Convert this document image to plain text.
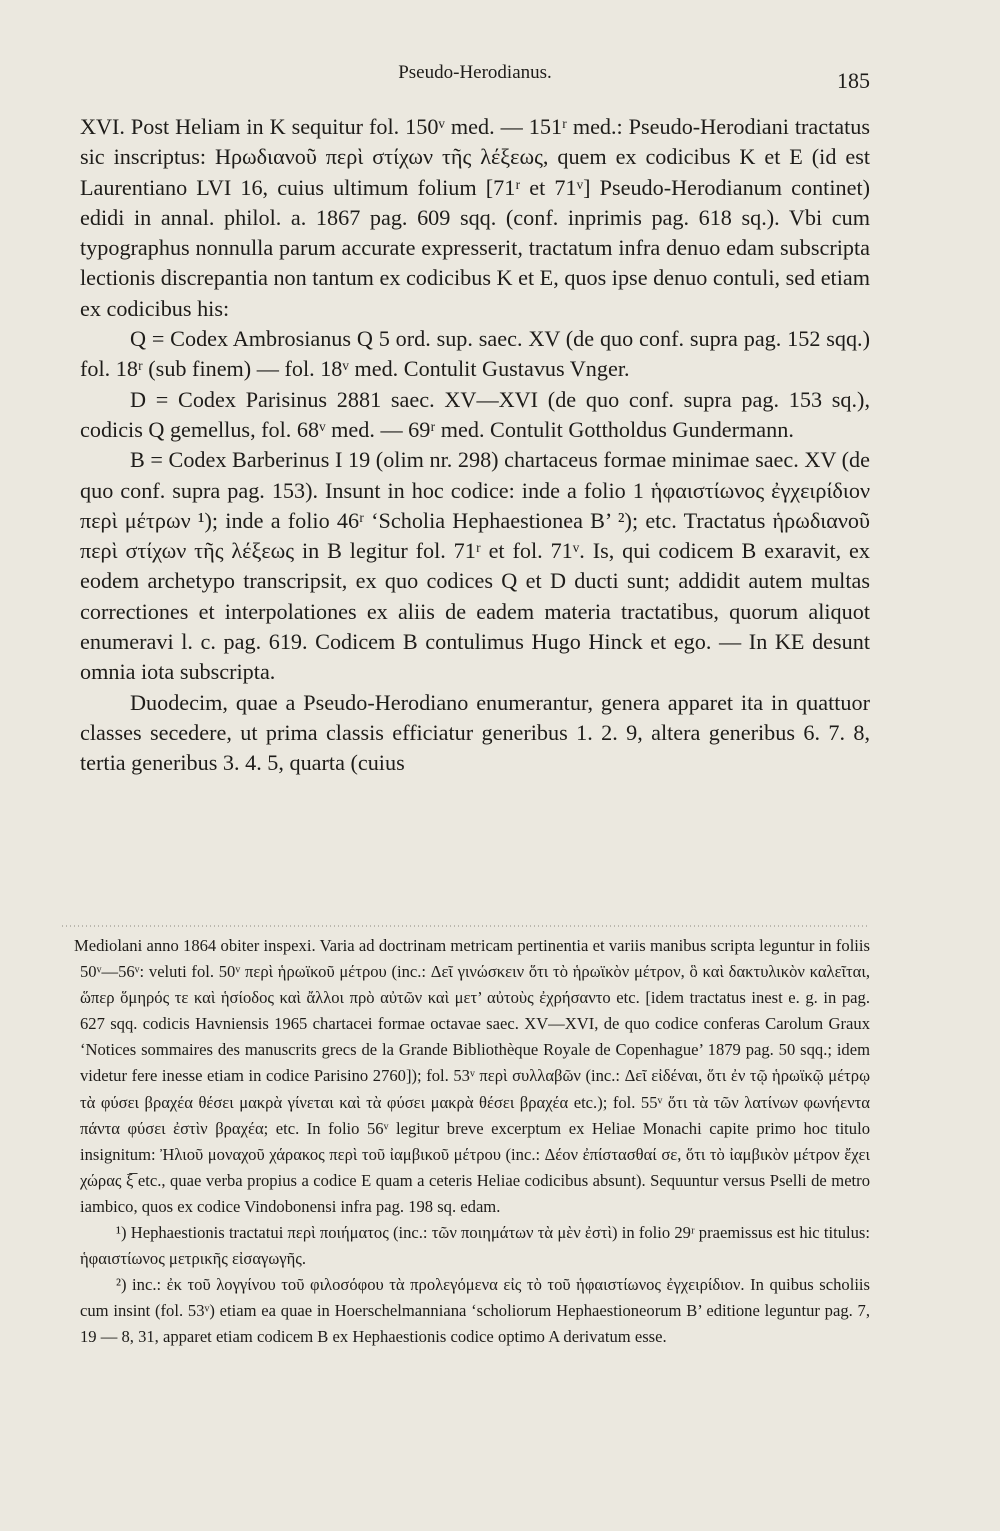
Pseudo-Herodianus.	185

XVI. Post Heliam in K sequitur fol. 150ᵛ med. — 151ʳ med.: Pseudo-Herodiani tractatus sic inscriptus: Ηρωδιανοῦ περὶ στίχων τῆς λέξεως, quem ex codicibus K et E (id est Laurentiano LVI 16, cuius ultimum folium [71ʳ et 71ᵛ] Pseudo-Herodianum continet) edidi in annal. philol. a. 1867 pag. 609 sqq. (conf. inprimis pag. 618 sq.). Vbi cum typographus nonnulla parum accurate expresserit, tractatum infra denuo edam subscripta lectionis discrepantia non tantum ex codicibus K et E, quos ipse denuo contuli, sed etiam ex codicibus his:

Q = Codex Ambrosianus Q 5 ord. sup. saec. XV (de quo conf. supra pag. 152 sqq.) fol. 18ʳ (sub finem) — fol. 18ᵛ med. Contulit Gustavus Vnger.

D = Codex Parisinus 2881 saec. XV—XVI (de quo conf. supra pag. 153 sq.), codicis Q gemellus, fol. 68ᵛ med. — 69ʳ med. Contulit Gottholdus Gundermann.

B = Codex Barberinus I 19 (olim nr. 298) chartaceus formae minimae saec. XV (de quo conf. supra pag. 153). Insunt in hoc codice: inde a folio 1 ἡφαιστίωνος ἐγχειρίδιον περὶ μέτρων ¹); inde a folio 46ʳ ‘Scholia Hephaestionea B’ ²); etc. Tractatus ἡρωδιανοῦ περὶ στίχων τῆς λέξεως in B legitur fol. 71ʳ et fol. 71ᵛ. Is, qui codicem B exaravit, ex eodem archetypo transcripsit, ex quo codices Q et D ducti sunt; addidit autem multas correctiones et interpolationes ex aliis de eadem materia tractatibus, quorum aliquot enumeravi l. c. pag. 619. Codicem B contulimus Hugo Hinck et ego. — In KE desunt omnia iota subscripta.

Duodecim, quae a Pseudo-Herodiano enumerantur, genera apparet ita in quattuor classes secedere, ut prima classis efficiatur generibus 1. 2. 9, altera generibus 6. 7. 8, tertia generibus 3. 4. 5, quarta (cuius

Mediolani anno 1864 obiter inspexi. Varia ad doctrinam metricam pertinentia et variis manibus scripta leguntur in foliis 50ᵛ—56ᵛ: veluti fol. 50ᵛ περὶ ἡρωϊκοῦ μέτρου (inc.: Δεῖ γινώσκειν ὅτι τὸ ἡρωϊκὸν μέτρον, ὃ καὶ δακτυλικὸν καλεῖται, ὥπερ ὅμηρός τε καὶ ἡσίοδος καὶ ἄλλοι πρὸ αὐτῶν καὶ μετ’ αὐτοὺς ἐχρήσαντο etc. [idem tractatus inest e. g. in pag. 627 sqq. codicis Havniensis 1965 chartacei formae octavae saec. XV—XVI, de quo codice conferas Carolum Graux ‘Notices sommaires des manuscrits grecs de la Grande Bibliothèque Royale de Copenhague’ 1879 pag. 50 sqq.; idem videtur fere inesse etiam in codice Parisino 2760]); fol. 53ᵛ περὶ συλλαβῶν (inc.: Δεῖ εἰδέναι, ὅτι ἐν τῷ ἡρωϊκῷ μέτρῳ τὰ φύσει βραχέα θέσει μακρὰ γίνεται καὶ τὰ φύσει μακρὰ θέσει βραχέα etc.); fol. 55ᵛ ὅτι τὰ τῶν λατίνων φωνήεντα πάντα φύσει ἐστὶν βραχέα; etc. In folio 56ᵛ legitur breve excerptum ex Heliae Monachi capite primo hoc titulo insignitum: Ἠλιοῦ μοναχοῦ χάρακος περὶ τοῦ ἰαμβικοῦ μέτρου (inc.: Δέον ἐπίστασθαί σε, ὅτι τὸ ἰαμβικὸν μέτρον ἔχει χώρας ξ̅ etc., quae verba propius a codice E quam a ceteris Heliae codicibus absunt). Sequuntur versus Pselli de metro iambico, quos ex codice Vindobonensi infra pag. 198 sq. edam.

¹) Hephaestionis tractatui περὶ ποιήματος (inc.: τῶν ποιημάτων τὰ μὲν ἐστὶ) in folio 29ʳ praemissus est hic titulus: ἡφαιστίωνος μετρικῆς εἰσαγωγῆς.

²) inc.: ἐκ τοῦ λογγίνου τοῦ φιλοσόφου τὰ προλεγόμενα εἰς τὸ τοῦ ἡφαιστίωνος ἐγχειρίδιον. In quibus scholiis cum insint (fol. 53ᵛ) etiam ea quae in Hoerschelmanniana ‘scholiorum Hephaestioneorum B’ editione leguntur pag. 7, 19 — 8, 31, apparet etiam codicem B ex Hephaestionis codice optimo A derivatum esse.
